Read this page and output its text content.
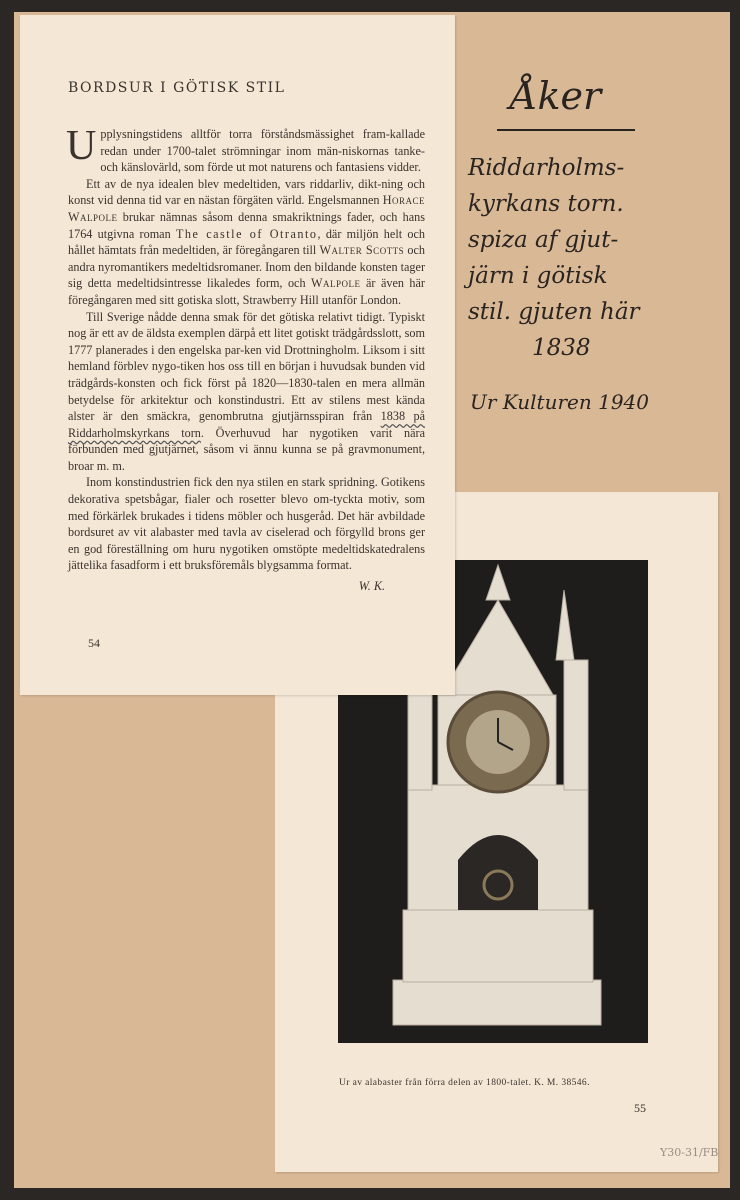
Ur av alabaster från förra delen av 1800-talet. K. M. 38546.
55
BORDSUR I GÖTISK STIL

Upplysningstidens alltför torra förståndsmässighet fram-kallade redan under 1700-talet strömningar inom män-niskornas tanke- och känslovärld, som förde ut mot naturens och fantasiens vidder.

Ett av de nya idealen blev medeltiden, vars riddarliv, dikt-ning och konst vid denna tid var en nästan förgäten värld. Engelsmannen Horace Walpole brukar nämnas såsom denna smakriktnings fader, och hans 1764 utgivna roman The castle of Otranto, där miljön helt och hållet hämtats från medeltiden, är föregångaren till Walter Scotts och andra nyromantikers medeltidsromaner. Inom den bildande konsten tager sig detta medeltidsintresse likaledes form, och Walpole är även här föregångaren med sitt gotiska slott, Strawberry Hill utanför London.

Till Sverige nådde denna smak för det götiska relativt tidigt. Typiskt nog är ett av de äldsta exemplen därpå ett litet gotiskt trädgårdsslott, som 1777 planerades i den engelska par-ken vid Drottningholm. Liksom i sitt hemland förblev nygo-tiken hos oss till en början i huvudsak bunden vid trädgårds-konsten och fick först på 1820—1830-talen en mera allmän betydelse för arkitektur och konstindustri. Ett av stilens mest kända alster är den smäckra, genombrutna gjutjärnsspiran från 1838 på Riddarholmskyrkans torn. Överhuvud har nygotiken varit nära förbunden med gjutjärnet, såsom vi ännu kunna se på gravmonument, broar m. m.

Inom konstindustrien fick den nya stilen en stark spridning. Gotikens dekorativa spetsbågar, fialer och rosetter blevo om-tyckta motiv, som med förkärlek brukades i tidens möbler och husgeråd. Det här avbildade bordsuret av vit alabaster med tavla av ciselerad och förgylld brons ger en god föreställning om huru nygotiken omstöpte medeltidskatedralens jättelika fasadform i ett bruksföremåls blygsamma format.

W. K.
54
Åker
Riddarholms-
kyrkans torn.
spiza af gjut-
järn i götisk
stil. gjuten här
1838
Ur Kulturen 1940
Y30-31/FB
